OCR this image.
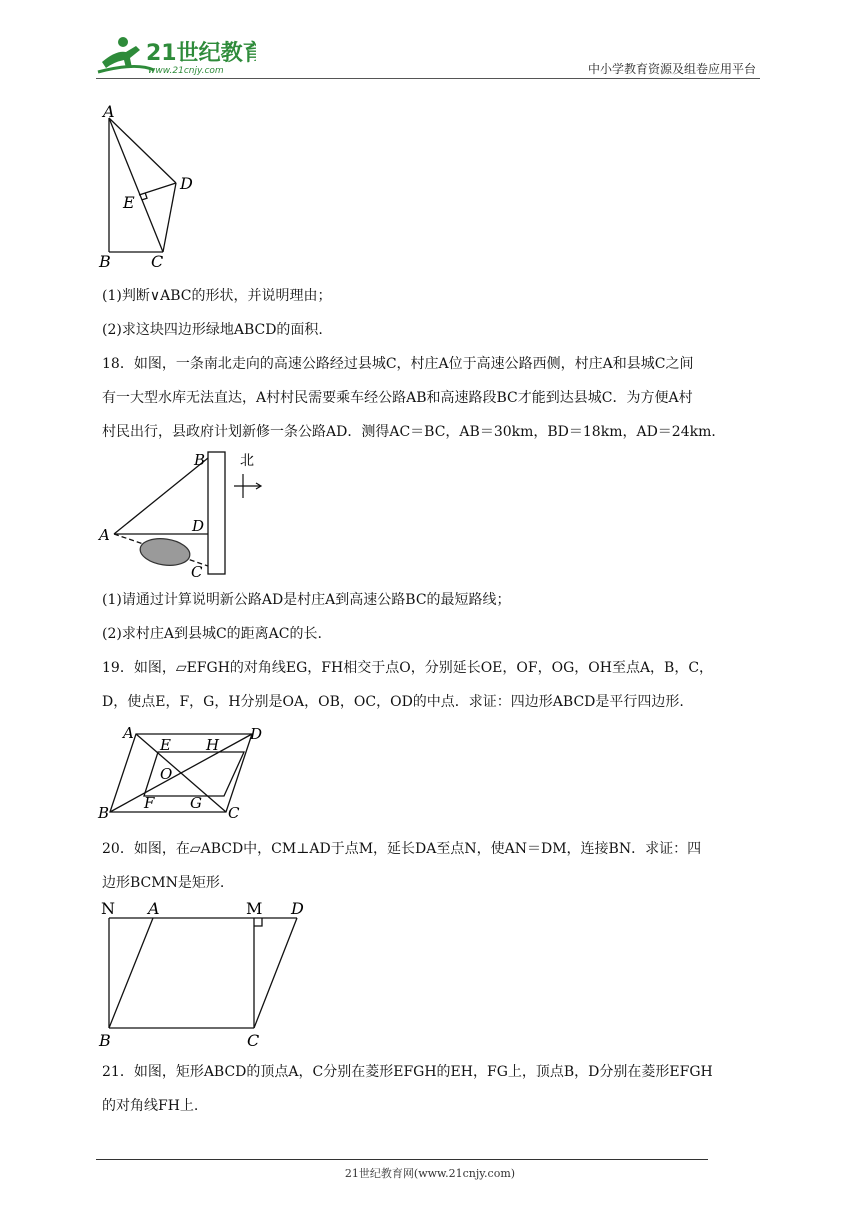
21世纪教育
www.21cnjy.com	中小学教育资源及组卷应用平台
A
D
E
B	C
(1)判断∨ABC的形状，并说明理由；
(2)求这块四边形绿地ABCD的面积.
18．如图，一条南北走向的高速公路经过县城C，村庄A位于高速公路西侧，村庄A和县城C之间
有一大型水库无法直达，A村村民需要乘车经公路AB和高速路段BC才能到达县城C．为方便A村
村民出行，县政府计划新修一条公路AD．测得AC＝BC，AB＝30km，BD＝18km，AD＝24km．
北
B
D
A
C
(1)请通过计算说明新公路AD是村庄A到高速公路BC的最短路线；
(2)求村庄A到县城C的距离AC的长.
19．如图，▱EFGH的对角线EG，FH相交于点O，分别延长OE，OF，OG，OH至点A，B，C，
D，使点E，F，G，H分别是OA，OB，OC，OD的中点．求证：四边形ABCD是平行四边形.
A
E H
D
O
B
F G
C
20．如图，在▱ABCD中，CM⊥AD于点M，延长DA至点N，使AN＝DM，连接BN．求证：四
边形BCMN是矩形.
N A	M D
B	C
21．如图，矩形ABCD的顶点A，C分别在菱形EFGH的EH，FG上，顶点B，D分别在菱形EFGH
的对角线FH上.
21世纪教育网(www.21cnjy.com)
